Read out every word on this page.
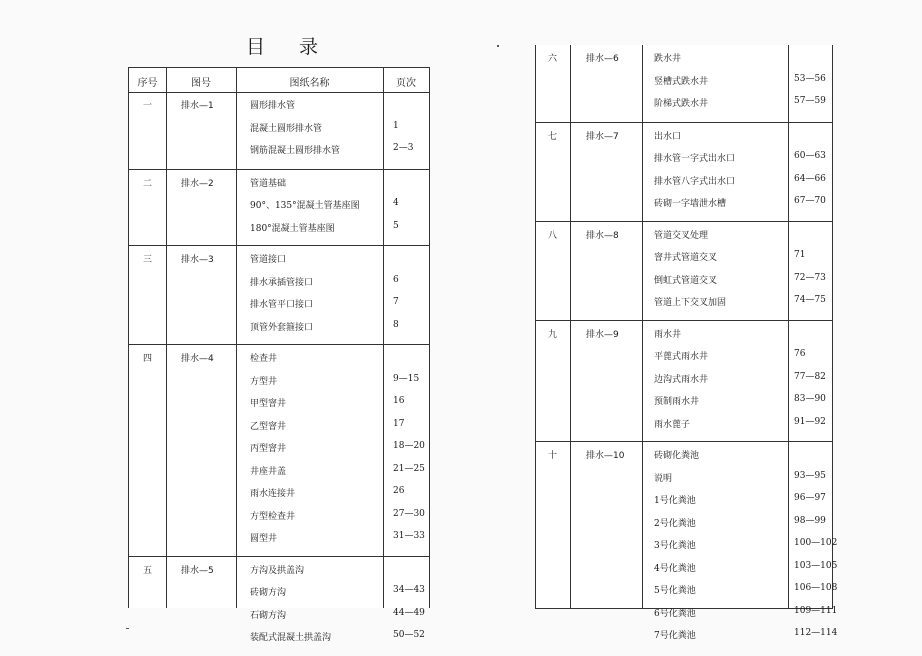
目 录
序号	图号	图纸名称	页次
一	排水—1	圆形排水管
混凝土圆形排水管	1
钢筋混凝土圆形排水管	2—3
二	排水—2	管道基础
90°、135°混凝土管基座图	4
180°混凝土管基座图	5
三	排水—3	管道接口
排水承插管接口	6
排水管平口接口	7
顶管外套箍接口	8
四	排水—4	检查井
方型井	9—15
甲型窨井	16
乙型窨井	17
丙型窨井	18—20
井座井盖	21—25
雨水连接井	26
方型检查井	27—30
圆型井	31—33
五	排水—5	方沟及拱盖沟
砖砌方沟	34—43
石砌方沟	44—49
装配式混凝土拱盖沟	50—52
六	排水—6	跌水井
竖槽式跌水井	53—56
阶梯式跌水井	57—59
七	排水—7	出水口
排水管一字式出水口	60—63
排水管八字式出水口	64—66
砖砌一字墙泄水槽	67—70
八	排水—8	管道交叉处理
窨井式管道交叉	71
倒虹式管道交叉	72—73
管道上下交叉加固	74—75
九	排水—9	雨水井
平蓖式雨水井	76
边沟式雨水井	77—82
预制雨水井	83—90
雨水蓖子	91—92
十	排水—10	砖砌化粪池
说明	93—95
1号化粪池	96—97
2号化粪池	98—99
3号化粪池	100—102
4号化粪池	103—105
5号化粪池	106—108
6号化粪池	109—111
7号化粪池	112—114
